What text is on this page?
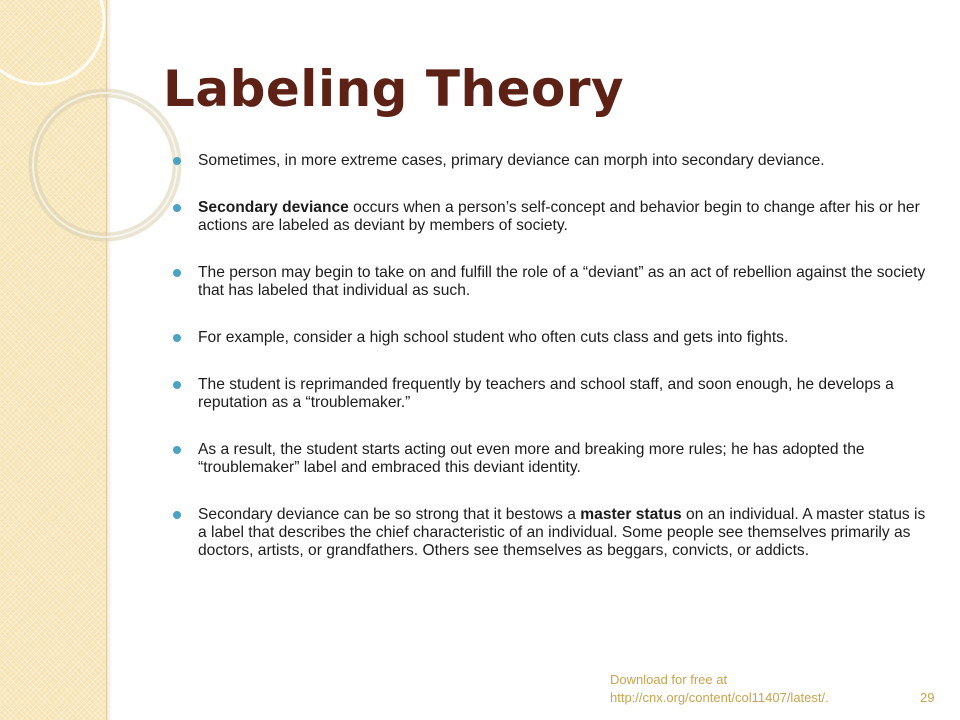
Labeling Theory
Sometimes, in more extreme cases, primary deviance can morph into secondary deviance.
Secondary deviance occurs when a person’s self-concept and behavior begin to change after his or her actions are labeled as deviant by members of society.
The person may begin to take on and fulfill the role of a “deviant” as an act of rebellion against the society that has labeled that individual as such.
For example, consider a high school student who often cuts class and gets into fights.
The student is reprimanded frequently by teachers and school staff, and soon enough, he develops a reputation as a “troublemaker.”
As a result, the student starts acting out even more and breaking more rules; he has adopted the “troublemaker” label and embraced this deviant identity.
Secondary deviance can be so strong that it bestows a master status on an individual. A master status is a label that describes the chief characteristic of an individual. Some people see themselves primarily as doctors, artists, or grandfathers. Others see themselves as beggars, convicts, or addicts.
Download for free at
http://cnx.org/content/col11407/latest/.	29
